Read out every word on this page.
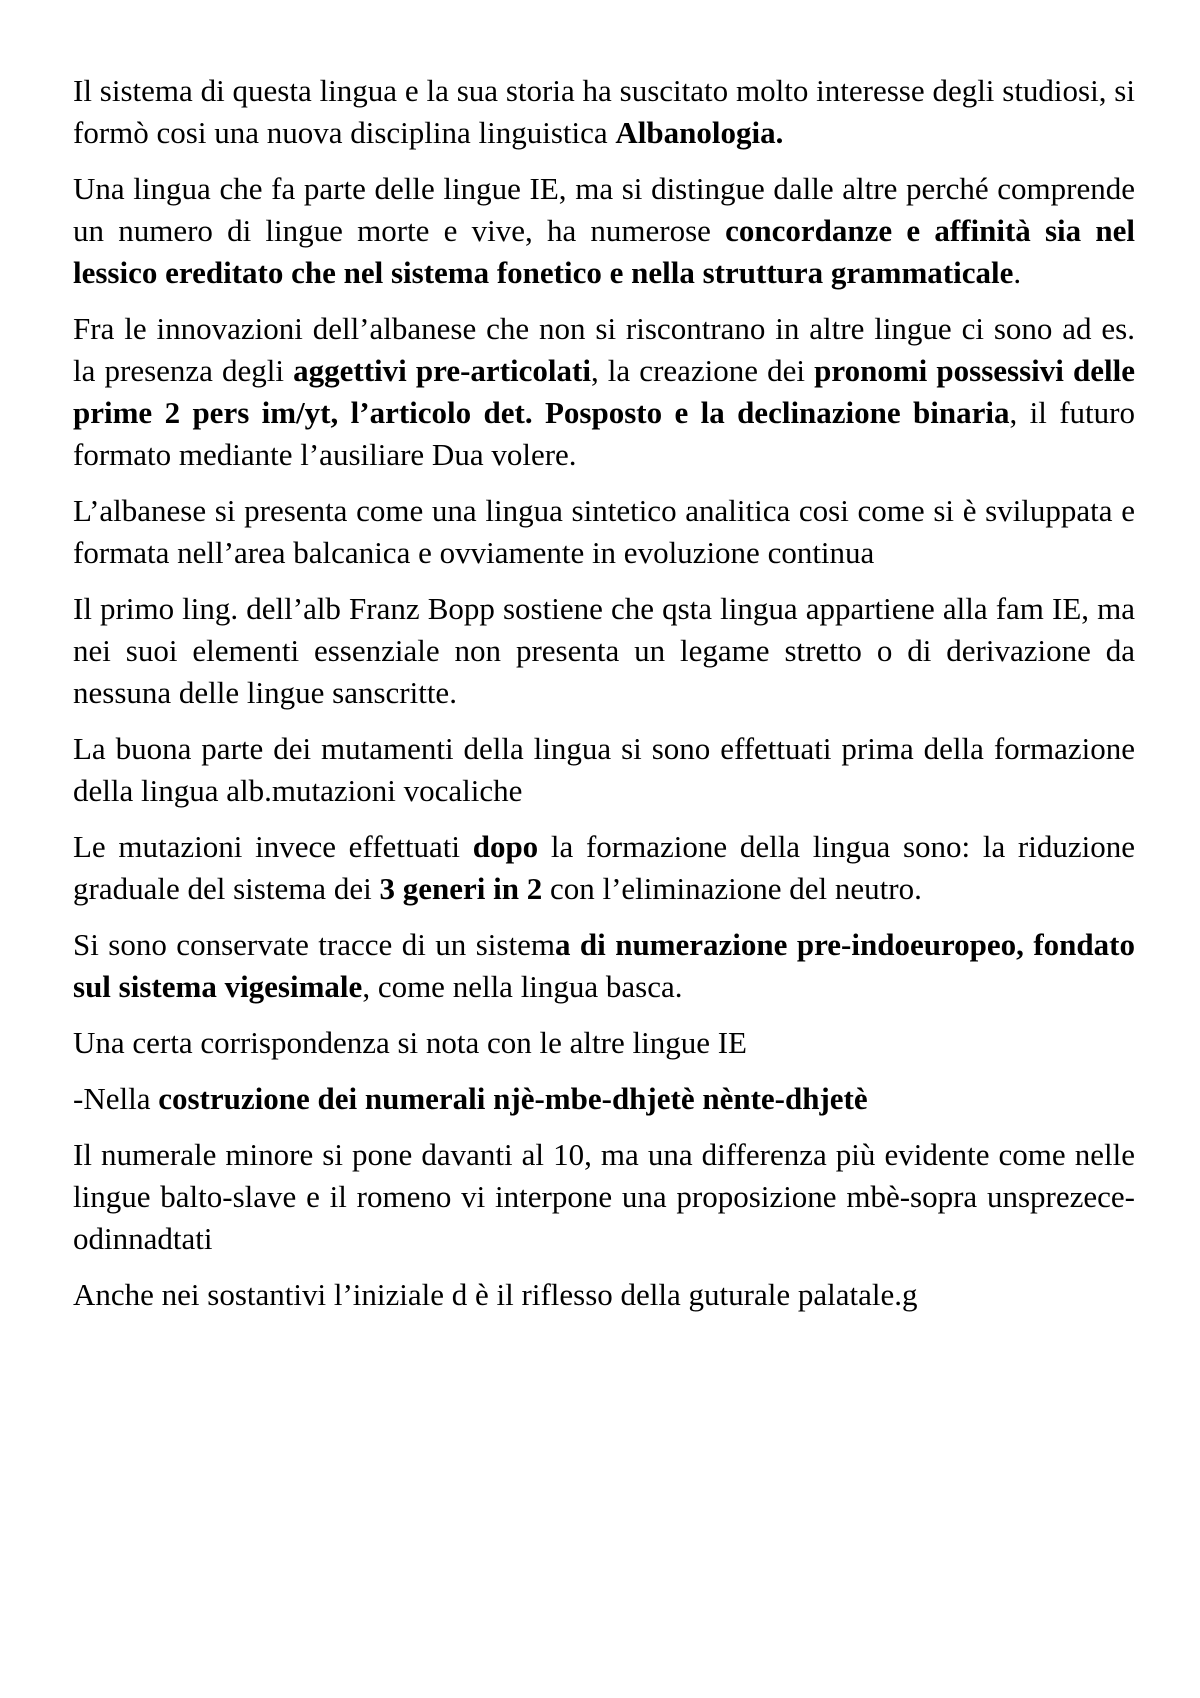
Il sistema di questa lingua e la sua storia ha suscitato molto interesse degli studiosi, si formò cosi una nuova disciplina linguistica Albanologia.

Una lingua che fa parte delle lingue IE, ma si distingue dalle altre perché comprende un numero di lingue morte e vive, ha numerose concordanze e affinità sia nel lessico ereditato che nel sistema fonetico e nella struttura grammaticale.

Fra le innovazioni dell’albanese che non si riscontrano in altre lingue ci sono ad es. la presenza degli aggettivi pre-articolati, la creazione dei pronomi possessivi delle prime 2 pers im/yt, l’articolo det. Posposto e la declinazione binaria, il futuro formato mediante l’ausiliare Dua volere.

L’albanese si presenta come una lingua sintetico analitica cosi come si è sviluppata e formata nell’area balcanica e ovviamente in evoluzione continua

Il primo ling. dell’alb Franz Bopp sostiene che qsta lingua appartiene alla fam IE, ma nei suoi elementi essenziale non presenta un legame stretto o di derivazione da nessuna delle lingue sanscritte.

La buona parte dei mutamenti della lingua si sono effettuati prima della formazione della lingua alb.mutazioni vocaliche

Le mutazioni invece effettuati dopo la formazione della lingua sono: la riduzione graduale del sistema dei 3 generi in 2 con l’eliminazione del neutro.

Si sono conservate tracce di un sistema di numerazione pre-indoeuropeo, fondato sul sistema vigesimale, come nella lingua basca.

Una certa corrispondenza si nota con le altre lingue IE

-Nella costruzione dei numerali njè-mbe-dhjetè nènte-dhjetè

Il numerale minore si pone davanti al 10, ma una differenza più evidente come nelle lingue balto-slave e il romeno vi interpone una proposizione mbè-sopra unsprezece-odinnadtati

Anche nei sostantivi l’iniziale d è il riflesso della guturale palatale.g
